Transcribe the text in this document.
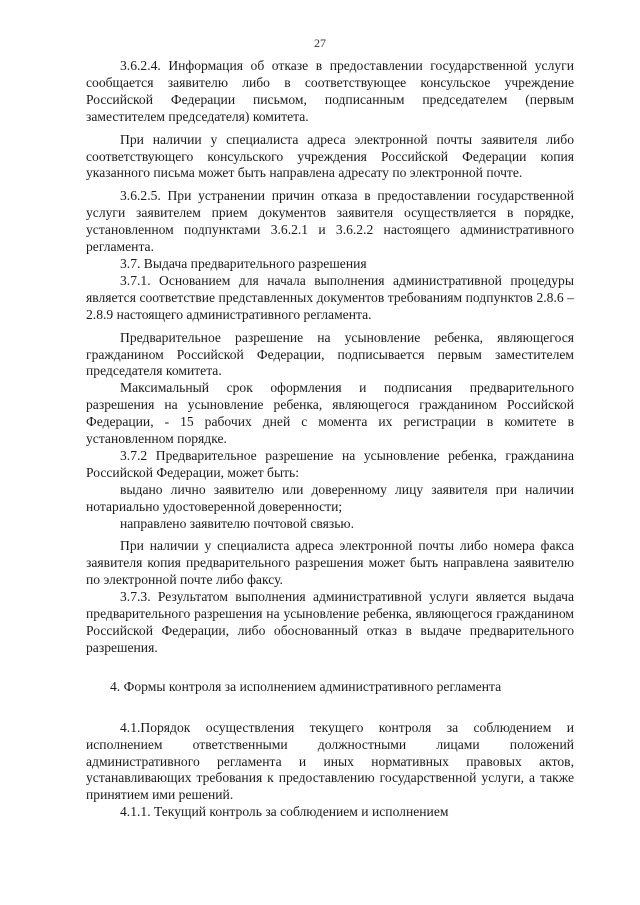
27

3.6.2.4. Информация об отказе в предоставлении государственной услуги сообщается заявителю либо в соответствующее консульское учреждение Российской Федерации письмом, подписанным председателем (первым заместителем председателя) комитета.

При наличии у специалиста адреса электронной почты заявителя либо соответствующего консульского учреждения Российской Федерации копия указанного письма может быть направлена адресату по электронной почте.

3.6.2.5. При устранении причин отказа в предоставлении государственной услуги заявителем прием документов заявителя осуществляется в порядке, установленном подпунктами 3.6.2.1 и 3.6.2.2 настоящего административного регламента.

3.7. Выдача предварительного разрешения

3.7.1. Основанием для начала выполнения административной процедуры является соответствие представленных документов требованиям подпунктов 2.8.6 – 2.8.9 настоящего административного регламента.

Предварительное разрешение на усыновление ребенка, являющегося гражданином Российской Федерации, подписывается первым заместителем председателя комитета.

Максимальный срок оформления и подписания предварительного разрешения на усыновление ребенка, являющегося гражданином Российской Федерации, - 15 рабочих дней с момента их регистрации в комитете в установленном порядке.

3.7.2 Предварительное разрешение на усыновление ребенка, гражданина Российской Федерации, может быть:

выдано лично заявителю или доверенному лицу заявителя при наличии нотариально удостоверенной доверенности;

направлено заявителю почтовой связью.

При наличии у специалиста адреса электронной почты либо номера факса заявителя копия предварительного разрешения может быть направлена заявителю по электронной почте либо факсу.

3.7.3. Результатом выполнения административной услуги является выдача предварительного разрешения на усыновление ребенка, являющегося гражданином Российской Федерации, либо обоснованный отказ в выдаче предварительного разрешения.

4. Формы контроля за исполнением административного регламента

4.1.Порядок осуществления текущего контроля за соблюдением и исполнением ответственными должностными лицами положений административного регламента и иных нормативных правовых актов, устанавливающих требования к предоставлению государственной услуги, а также принятием ими решений.

4.1.1. Текущий контроль за соблюдением и исполнением
